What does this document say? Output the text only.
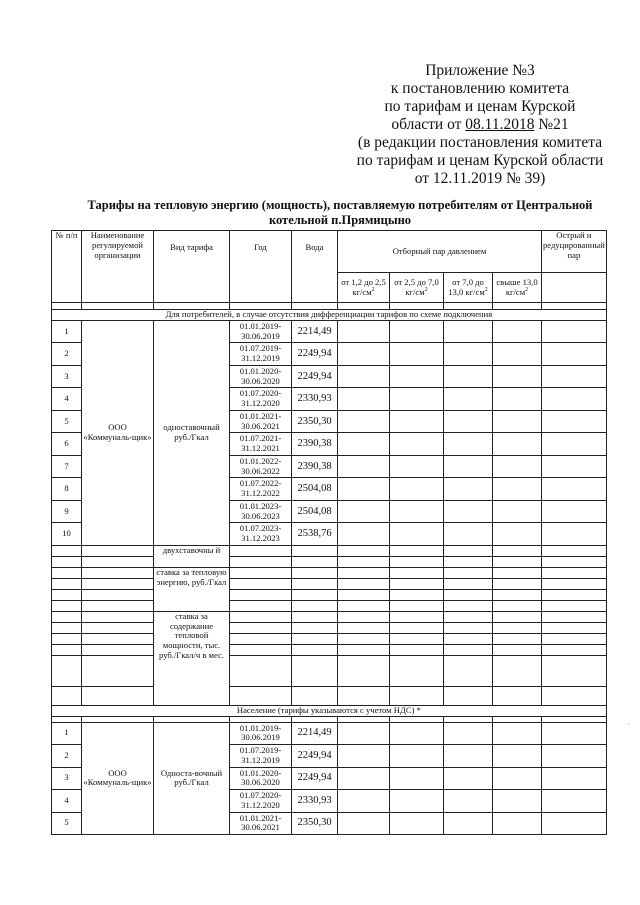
Приложение №3
к постановлению комитета
по тарифам и ценам Курской
области от 08.11.2018 №21
(в редакции постановления комитета
по тарифам и ценам Курской области
от 12.11.2019 № 39)
Тарифы на тепловую энергию (мощность), поставляемую потребителям от Центральной
котельной п.Прямицыно
№ п/п	Наименование регулируемой организации	Вид тарифа	Год	Вода	Отборный пар давлением				Острый и редуцированный пар
					от 1,2 до 2,5 $кг/см^2$	от 2,5 до 7,0 $кг/см^2$	от 7,0 до 13,0 $кг/см^2$	свыше 13,0 $кг/см^2$	

Для потребителей, в случае отсутствия дифференциации тарифов по схеме подключения									
1	ООО «Коммуналь-щик»	одноставочный руб./Гкал	01.01.2019-30.06.2019	2214,49					
2			01.07.2019-31.12.2019	2249,94					
3			01.01.2020-30.06.2020	2249,94					
4			01.07.2020-31.12.2020	2330,93					
5			01.01.2021-30.06.2021	2350,30					
6			01.07.2021-31.12.2021	2390,38					
7			01.01.2022-30.06.2022	2390,38					
8			01.07.2022-31.12.2022	2504,08					
9			01.01.2023-30.06.2023	2504,08					
10			01.07.2023-31.12.2023	2538,76					
		двухставочны й							

		ставка за тепловую энергию, руб./Гкал							

		ставка за содержание тепловой мощности, тыс. руб./Гкал/ч в мес.							

Население (тарифы указываются с учетом НДС) *									

1	ООО «Коммуналь-щик»	Односта-вочный руб./Гкал	01.01.2019-30.06.2019	2214,49					
2			01.07.2019-31.12.2019	2249,94					
3			01.01.2020-30.06.2020	2249,94					
4			01.07.2020-31.12.2020	2330,93					
5			01.01.2021-30.06.2021	2350,30					
·
